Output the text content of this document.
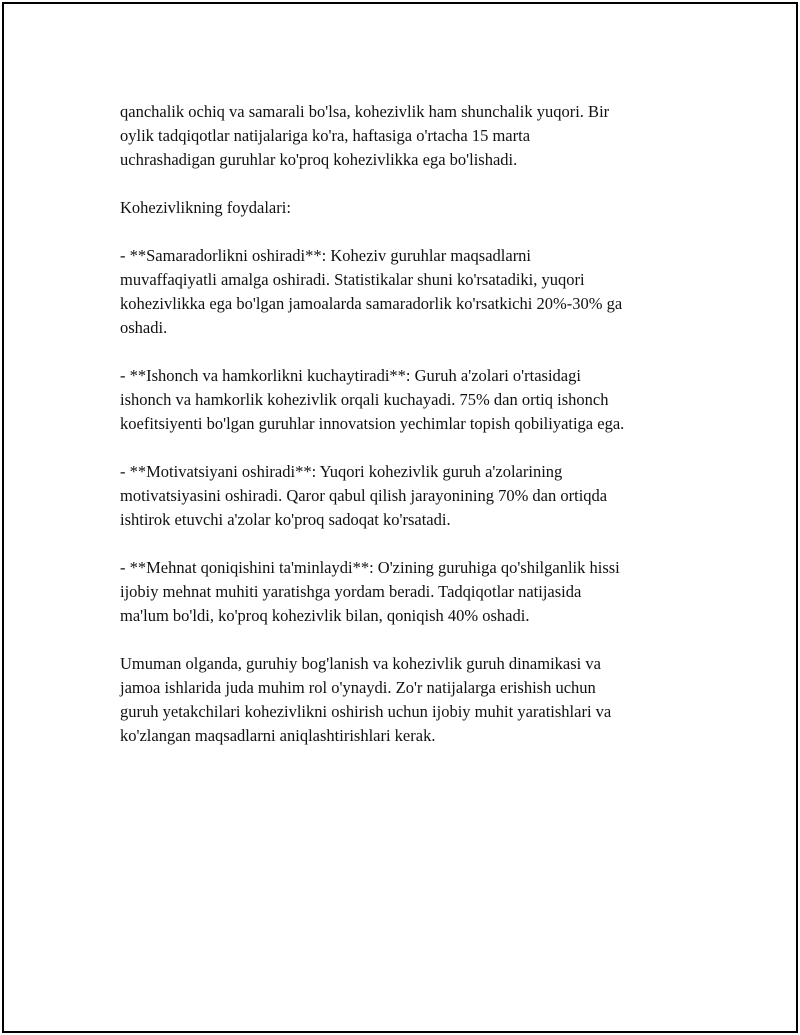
qanchalik ochiq va samarali bo'lsa, kohezivlik ham shunchalik yuqori. Bir
oylik tadqiqotlar natijalariga ko'ra, haftasiga o'rtacha 15 marta
uchrashadigan guruhlar ko'proq kohezivlikka ega bo'lishadi.

Kohezivlikning foydalari:

- **Samaradorlikni oshiradi**: Koheziv guruhlar maqsadlarni
muvaffaqiyatli amalga oshiradi. Statistikalar shuni ko'rsatadiki, yuqori
kohezivlikka ega bo'lgan jamoalarda samaradorlik ko'rsatkichi 20%-30% ga
oshadi.

- **Ishonch va hamkorlikni kuchaytiradi**: Guruh a'zolari o'rtasidagi
ishonch va hamkorlik kohezivlik orqali kuchayadi. 75% dan ortiq ishonch
koefitsiyenti bo'lgan guruhlar innovatsion yechimlar topish qobiliyatiga ega.

- **Motivatsiyani oshiradi**: Yuqori kohezivlik guruh a'zolarining
motivatsiyasini oshiradi. Qaror qabul qilish jarayonining 70% dan ortiqda
ishtirok etuvchi a'zolar ko'proq sadoqat ko'rsatadi.

- **Mehnat qoniqishini ta'minlaydi**: O'zining guruhiga qo'shilganlik hissi
ijobiy mehnat muhiti yaratishga yordam beradi. Tadqiqotlar natijasida
ma'lum bo'ldi, ko'proq kohezivlik bilan, qoniqish 40% oshadi.

Umuman olganda, guruhiy bog'lanish va kohezivlik guruh dinamikasi va
jamoa ishlarida juda muhim rol o'ynaydi. Zo'r natijalarga erishish uchun
guruh yetakchilari kohezivlikni oshirish uchun ijobiy muhit yaratishlari va
ko'zlangan maqsadlarni aniqlashtirishlari kerak.
